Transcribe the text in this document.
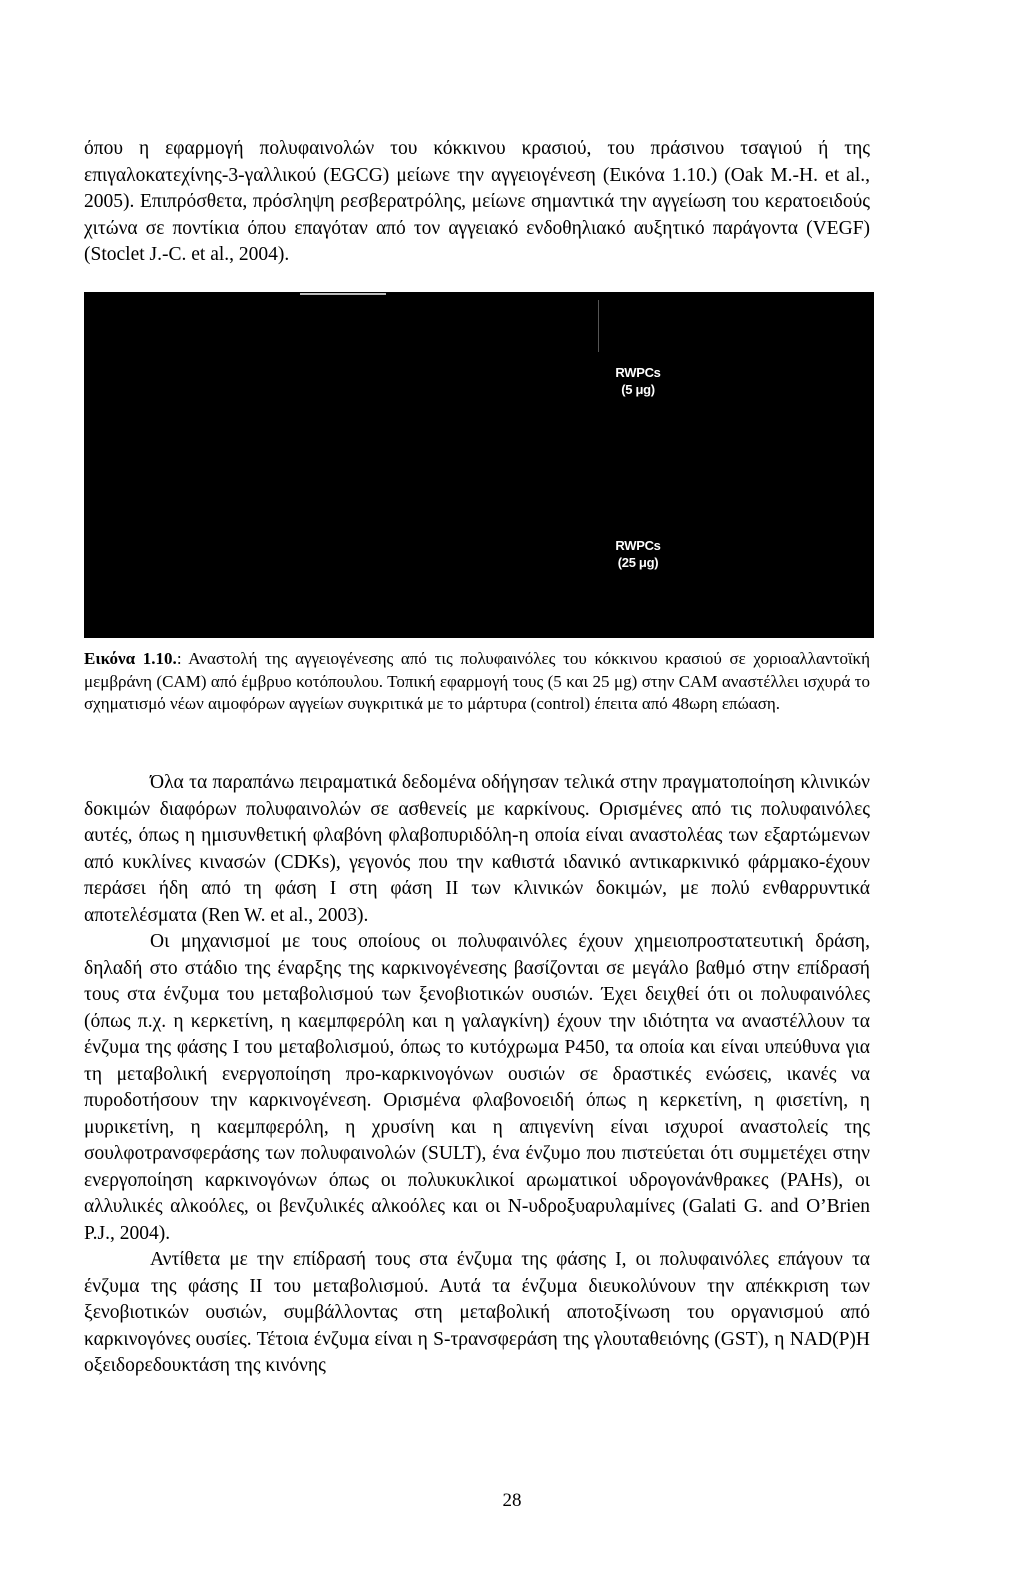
όπου η εφαρμογή πολυφαινολών του κόκκινου κρασιού, του πράσινου τσαγιού ή της επιγαλοκατεχίνης-3-γαλλικού (EGCG) μείωνε την αγγειογένεση (Εικόνα 1.10.) (Oak M.-H. et al., 2005). Επιπρόσθετα, πρόσληψη ρεσβερατρόλης, μείωνε σημαντικά την αγγείωση του κερατοειδούς χιτώνα σε ποντίκια όπου επαγόταν από τον αγγειακό ενδοθηλιακό αυξητικό παράγοντα (VEGF) (Stoclet J.-C. et al., 2004).

RWPCs
(5 μg)
RWPCs
(25 μg)
Εικόνα 1.10.: Αναστολή της αγγειογένεσης από τις πολυφαινόλες του κόκκινου κρασιού σε χοριοαλλαντοϊκή μεμβράνη (CAM) από έμβρυο κοτόπουλου. Τοπική εφαρμογή τους (5 και 25 μg) στην CAM αναστέλλει ισχυρά το σχηματισμό νέων αιμοφόρων αγγείων συγκριτικά με το μάρτυρα (control) έπειτα από 48ωρη επώαση.

Όλα τα παραπάνω πειραματικά δεδομένα οδήγησαν τελικά στην πραγματοποίηση κλινικών δοκιμών διαφόρων πολυφαινολών σε ασθενείς με καρκίνους. Ορισμένες από τις πολυφαινόλες αυτές, όπως η ημισυνθετική φλαβόνη φλαβοπυριδόλη-η οποία είναι αναστολέας των εξαρτώμενων από κυκλίνες κινασών (CDKs), γεγονός που την καθιστά ιδανικό αντικαρκινικό φάρμακο-έχουν περάσει ήδη από τη φάση Ι στη φάση ΙΙ των κλινικών δοκιμών, με πολύ ενθαρρυντικά αποτελέσματα (Ren W. et al., 2003).

Οι μηχανισμοί με τους οποίους οι πολυφαινόλες έχουν χημειοπροστατευτική δράση, δηλαδή στο στάδιο της έναρξης της καρκινογένεσης βασίζονται σε μεγάλο βαθμό στην επίδρασή τους στα ένζυμα του μεταβολισμού των ξενοβιοτικών ουσιών. Έχει δειχθεί ότι οι πολυφαινόλες (όπως π.χ. η κερκετίνη, η καεμπφερόλη και η γαλαγκίνη) έχουν την ιδιότητα να αναστέλλουν τα ένζυμα της φάσης Ι του μεταβολισμού, όπως το κυτόχρωμα P450, τα οποία και είναι υπεύθυνα για τη μεταβολική ενεργοποίηση προ-καρκινογόνων ουσιών σε δραστικές ενώσεις, ικανές να πυροδοτήσουν την καρκινογένεση. Ορισμένα φλαβονοειδή όπως η κερκετίνη, η φισετίνη, η μυρικετίνη, η καεμπφερόλη, η χρυσίνη και η απιγενίνη είναι ισχυροί αναστολείς της σουλφοτρανσφεράσης των πολυφαινολών (SULT), ένα ένζυμο που πιστεύεται ότι συμμετέχει στην ενεργοποίηση καρκινογόνων όπως οι πολυκυκλικοί αρωματικοί υδρογονάνθρακες (PAHs), οι αλλυλικές αλκοόλες, οι βενζυλικές αλκοόλες και οι N-υδροξυαρυλαμίνες (Galati G. and O’Brien P.J., 2004).

Αντίθετα με την επίδρασή τους στα ένζυμα της φάσης Ι, οι πολυφαινόλες επάγουν τα ένζυμα της φάσης ΙΙ του μεταβολισμού. Αυτά τα ένζυμα διευκολύνουν την απέκκριση των ξενοβιοτικών ουσιών, συμβάλλοντας στη μεταβολική αποτοξίνωση του οργανισμού από καρκινογόνες ουσίες. Τέτοια ένζυμα είναι η S-τρανσφεράση της γλουταθειόνης (GST), η NAD(P)H οξειδορεδουκτάση της κινόνης

28
